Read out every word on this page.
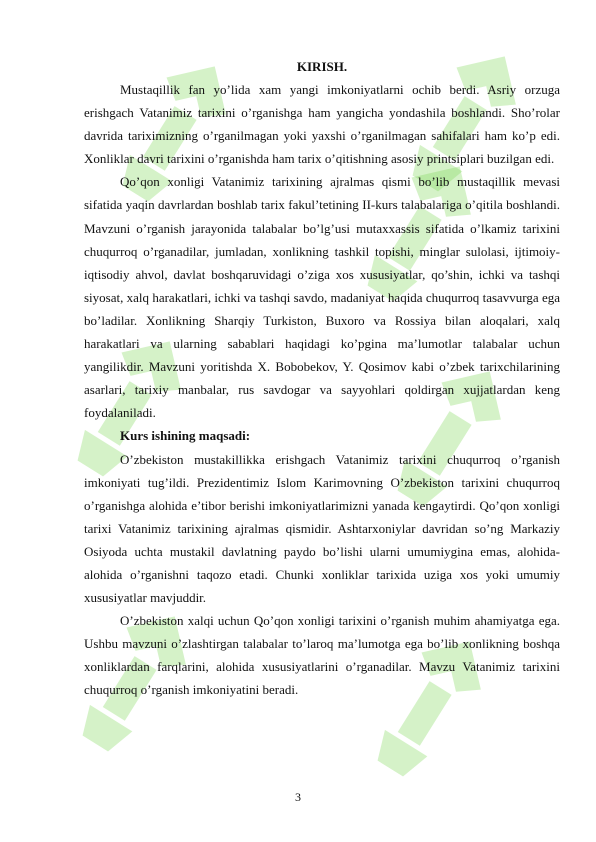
KIRISH.

Mustaqillik fan yo’lida xam yangi imkoniyatlarni ochib berdi. Asriy orzuga erishgach Vatanimiz tarixini o’rganishga ham yangicha yondashila boshlandi. Sho’rolar davrida tariximizning o’rganilmagan yoki yaxshi o’rganilmagan sahifalari ham ko’p edi. Xonliklar davri tarixini o’rganishda ham tarix o’qitishning asosiy printsiplari buzilgan edi.

Qo’qon xonligi Vatanimiz tarixining ajralmas qismi bo’lib mustaqillik mevasi sifatida yaqin davrlardan boshlab tarix fakul’tetining II-kurs talabalariga o’qitila boshlandi. Mavzuni o’rganish jarayonida talabalar bo’lg’usi mutaxxassis sifatida o’lkamiz tarixini chuqurroq o’rganadilar, jumladan, xonlikning tashkil topishi, minglar sulolasi, ijtimoiy-iqtisodiy ahvol, davlat boshqaruvidagi o’ziga xos xususiyatlar, qo’shin, ichki va tashqi siyosat, xalq harakatlari, ichki va tashqi savdo, madaniyat haqida chuqurroq tasavvurga ega bo’ladilar. Xonlikning Sharqiy Turkiston, Buxoro va Rossiya bilan aloqalari, xalq harakatlari va ularning sabablari haqidagi ko’pgina ma’lumotlar talabalar uchun yangilikdir. Mavzuni yoritishda X. Bobobekov, Y. Qosimov kabi o’zbek tarixchilarining asarlari, tarixiy manbalar, rus savdogar va sayyohlari qoldirgan xujjatlardan keng foydalaniladi.

Kurs ishining maqsadi:

O’zbekiston mustakillikka erishgach Vatanimiz tarixini chuqurroq o’rganish imkoniyati tug’ildi. Prezidentimiz Islom Karimovning O’zbekiston tarixini chuqurroq o’rganishga alohida e’tibor berishi imkoniyatlarimizni yanada kengaytirdi. Qo’qon xonligi tarixi Vatanimiz tarixining ajralmas qismidir. Ashtarxoniylar davridan so’ng Markaziy Osiyoda uchta mustakil davlatning paydo bo’lishi ularni umumiygina emas, alohida-alohida o’rganishni taqozo etadi. Chunki xonliklar tarixida uziga xos yoki umumiy xususiyatlar mavjuddir.

O’zbekiston xalqi uchun Qo’qon xonligi tarixini o’rganish muhim ahamiyatga ega. Ushbu mavzuni o’zlashtirgan talabalar to’laroq ma’lumotga ega bo’lib xonlikning boshqa xonliklardan farqlarini, alohida xususiyatlarini o’rganadilar. Mavzu Vatanimiz tarixini chuqurroq o’rganish imkoniyatini beradi.

3
